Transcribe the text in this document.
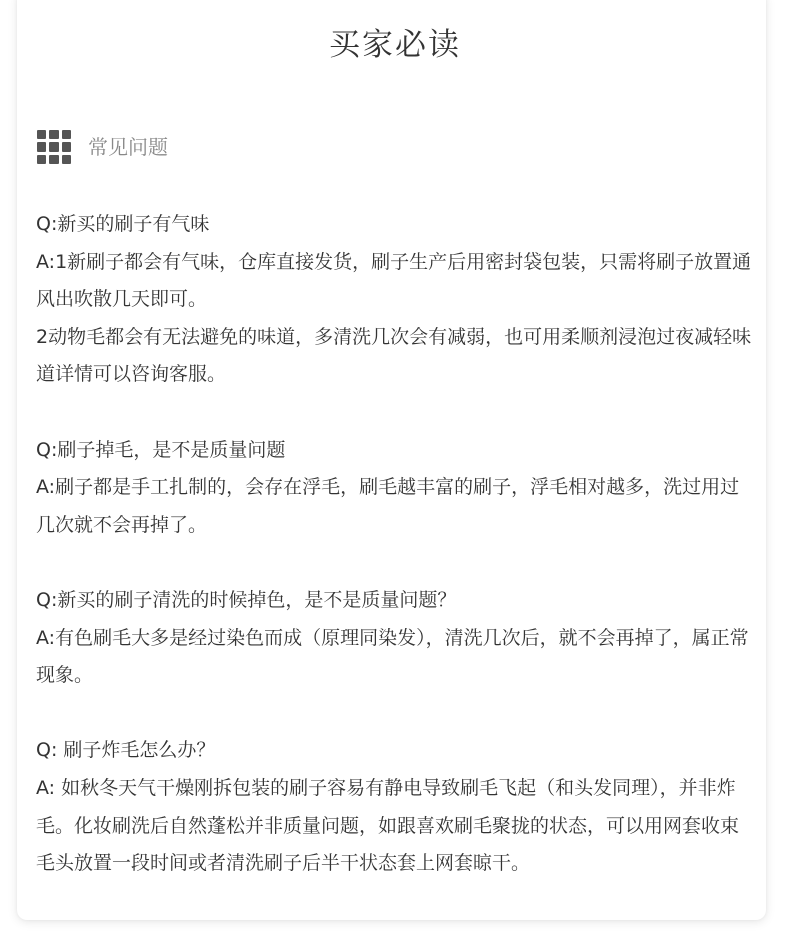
买家必读
常见问题

Q:新买的刷子有气味

A:1新刷子都会有气味，仓库直接发货，刷子生产后用密封袋包装，只需将刷子放置通风出吹散几天即可。

2动物毛都会有无法避免的味道，多清洗几次会有减弱，也可用柔顺剂浸泡过夜减轻味道详情可以咨询客服。

Q:刷子掉毛，是不是质量问题

A:刷子都是手工扎制的，会存在浮毛，刷毛越丰富的刷子，浮毛相对越多，洗过用过几次就不会再掉了。

Q:新买的刷子清洗的时候掉色，是不是质量问题？

A:有色刷毛大多是经过染色而成（原理同染发），清洗几次后，就不会再掉了，属正常现象。

Q: 刷子炸毛怎么办？

A: 如秋冬天气干燥刚拆包装的刷子容易有静电导致刷毛飞起（和头发同理），并非炸毛。化妆刷洗后自然蓬松并非质量问题，如跟喜欢刷毛聚拢的状态，可以用网套收束毛头放置一段时间或者清洗刷子后半干状态套上网套晾干。
